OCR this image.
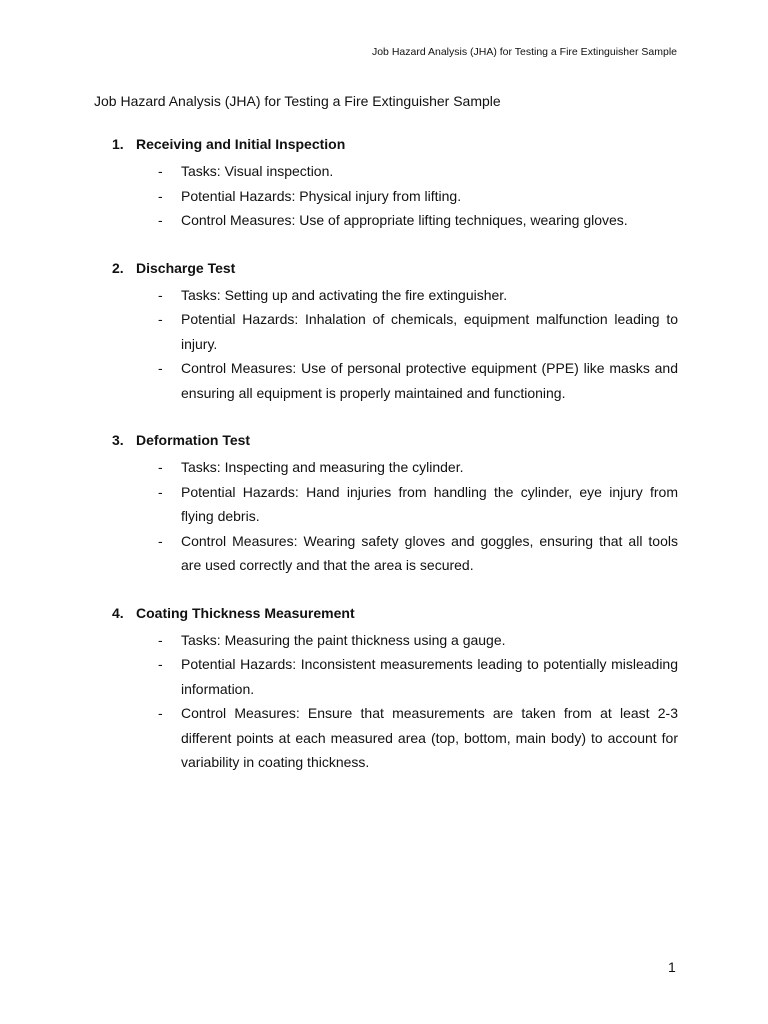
Job Hazard Analysis (JHA) for Testing a Fire Extinguisher Sample
Job Hazard Analysis (JHA) for Testing a Fire Extinguisher Sample
1. Receiving and Initial Inspection
- Tasks: Visual inspection.
- Potential Hazards: Physical injury from lifting.
- Control Measures: Use of appropriate lifting techniques, wearing gloves.
2. Discharge Test
- Tasks: Setting up and activating the fire extinguisher.
- Potential Hazards: Inhalation of chemicals, equipment malfunction leading to injury.
- Control Measures: Use of personal protective equipment (PPE) like masks and ensuring all equipment is properly maintained and functioning.
3. Deformation Test
- Tasks: Inspecting and measuring the cylinder.
- Potential Hazards: Hand injuries from handling the cylinder, eye injury from flying debris.
- Control Measures: Wearing safety gloves and goggles, ensuring that all tools are used correctly and that the area is secured.
4. Coating Thickness Measurement
- Tasks: Measuring the paint thickness using a gauge.
- Potential Hazards: Inconsistent measurements leading to potentially misleading information.
- Control Measures: Ensure that measurements are taken from at least 2-3 different points at each measured area (top, bottom, main body) to account for variability in coating thickness.
1
